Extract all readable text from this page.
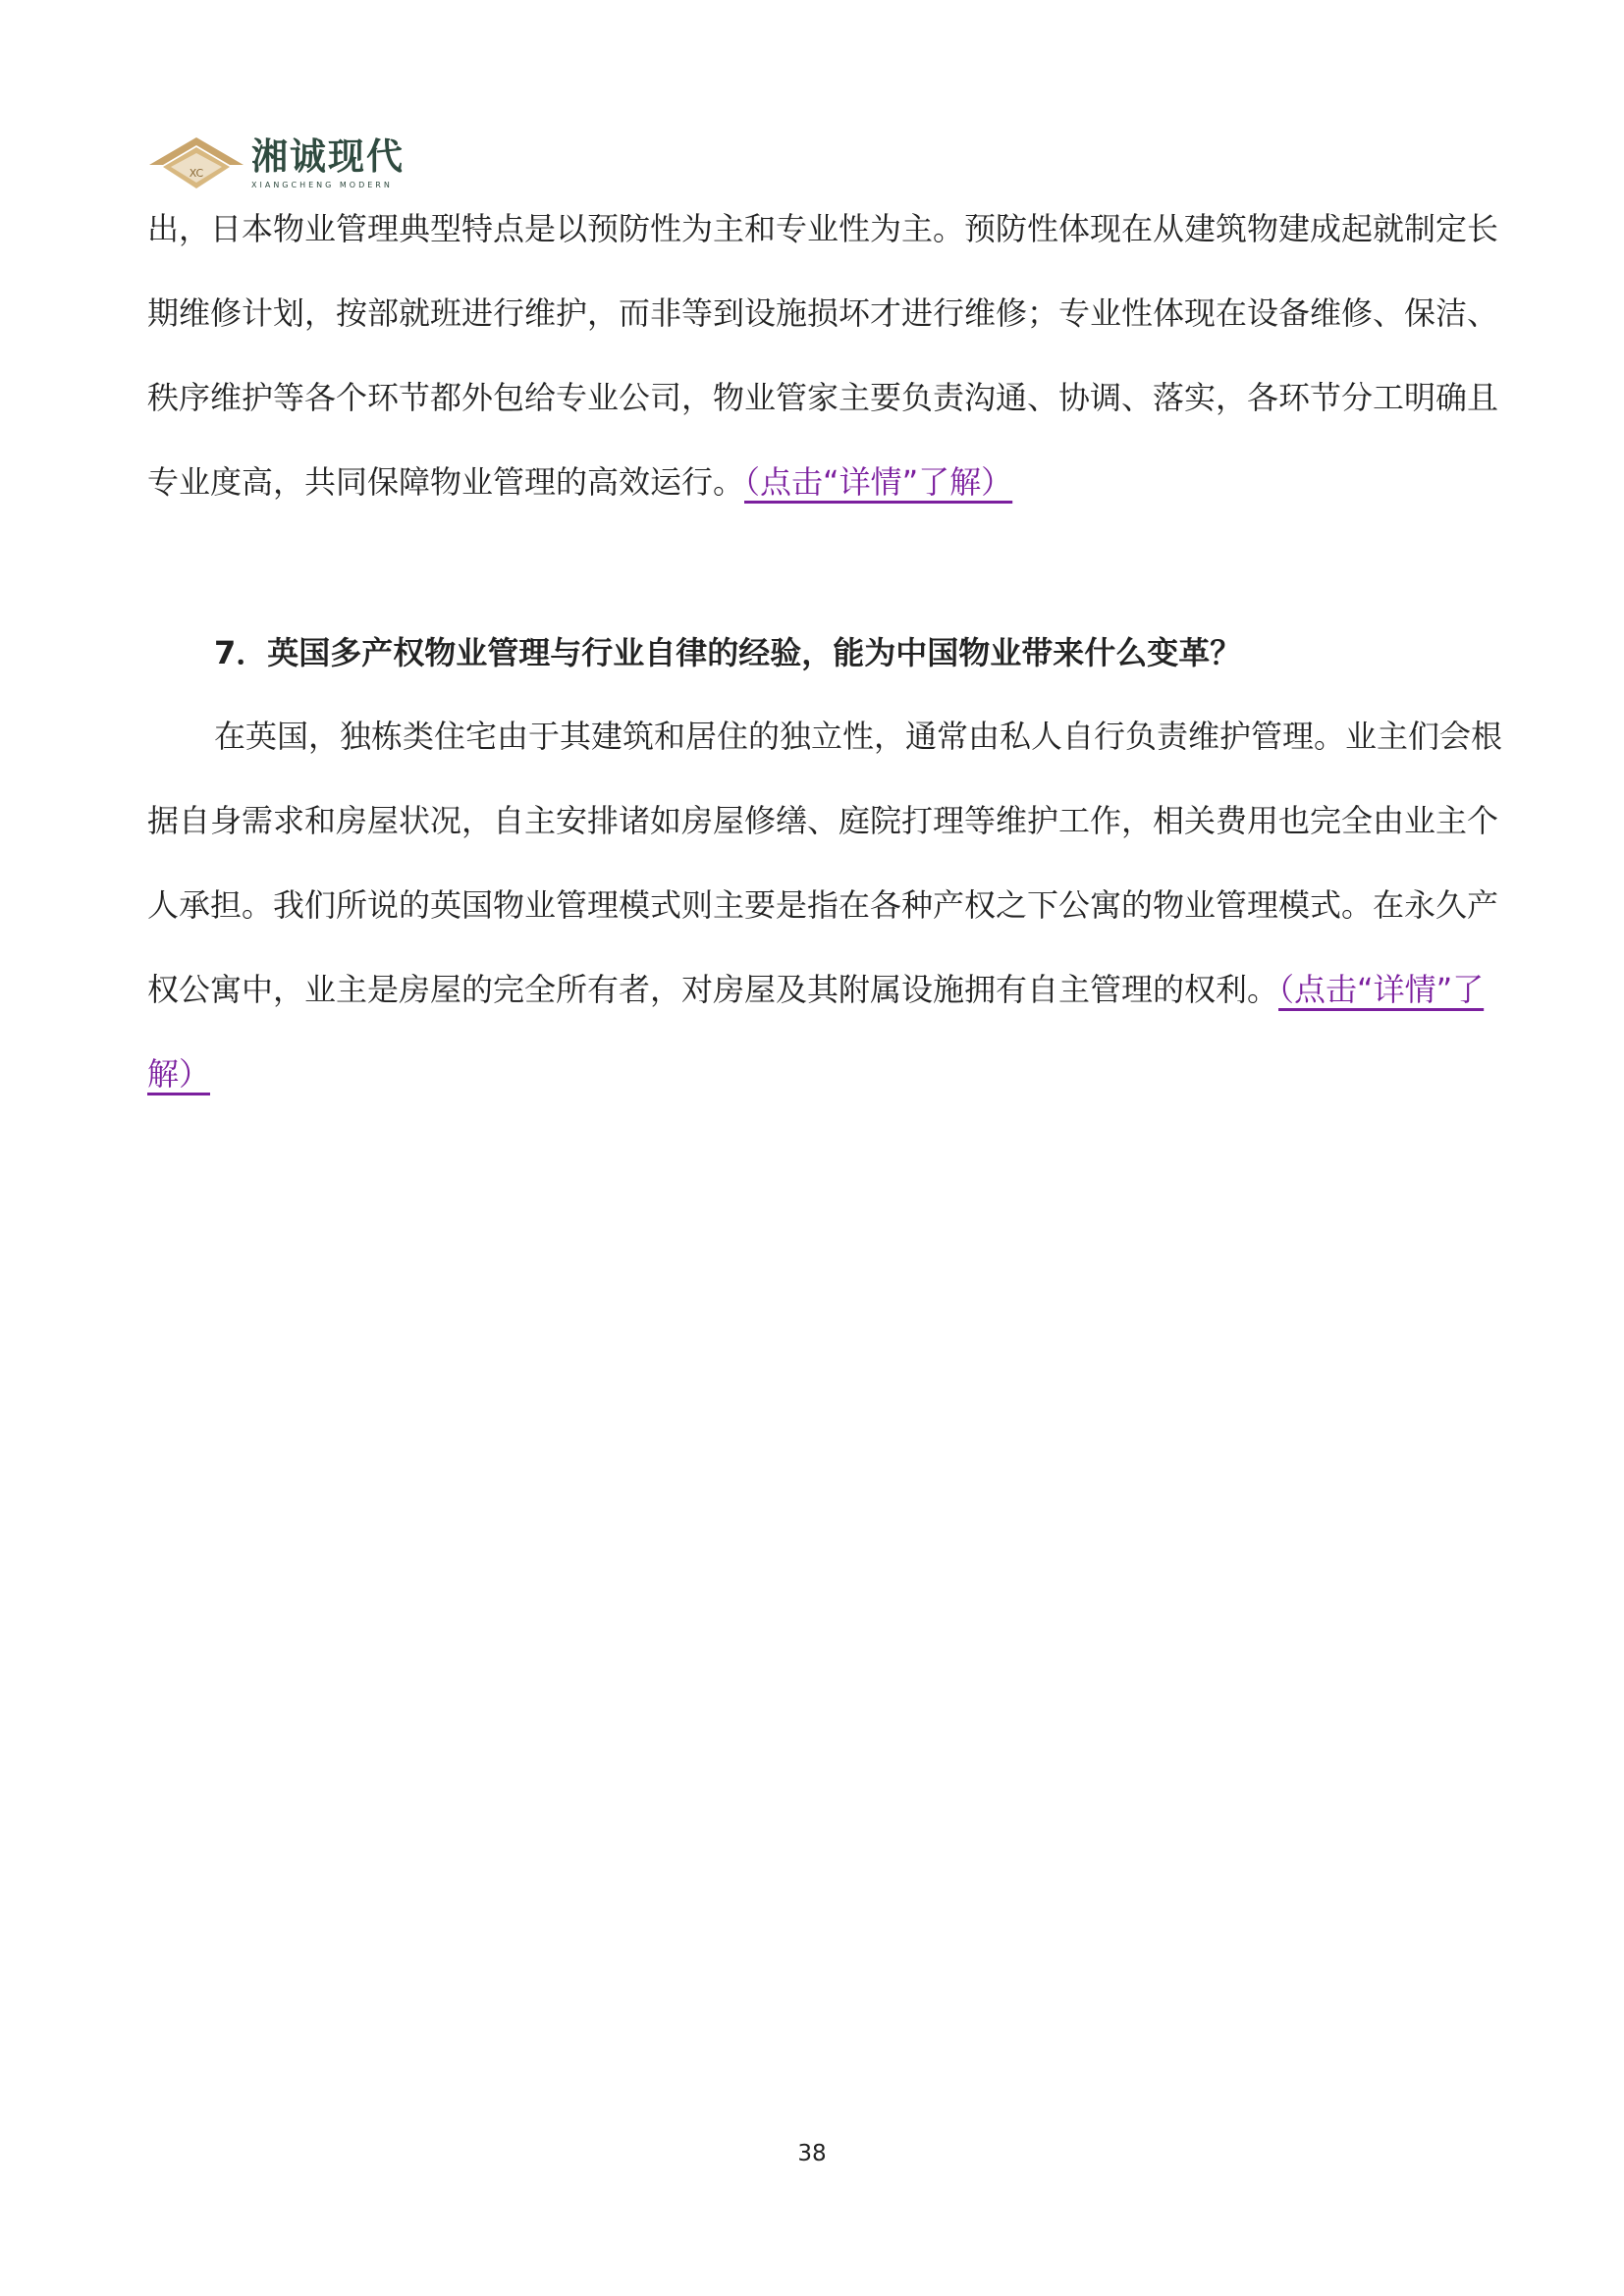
XC 湘诚现代
XIANGCHENG MODERN

出，日本物业管理典型特点是以预防性为主和专业性为主。预防性体现在从建筑物建成起就制定长期维修计划，按部就班进行维护，而非等到设施损坏才进行维修；专业性体现在设备维修、保洁、秩序维护等各个环节都外包给专业公司，物业管家主要负责沟通、协调、落实，各环节分工明确且专业度高，共同保障物业管理的高效运行。（点击“详情”了解）

7．英国多产权物业管理与行业自律的经验，能为中国物业带来什么变革？

在英国，独栋类住宅由于其建筑和居住的独立性，通常由私人自行负责维护管理。业主们会根据自身需求和房屋状况，自主安排诸如房屋修缮、庭院打理等维护工作，相关费用也完全由业主个人承担。我们所说的英国物业管理模式则主要是指在各种产权之下公寓的物业管理模式。在永久产权公寓中，业主是房屋的完全所有者，对房屋及其附属设施拥有自主管理的权利。（点击“详情”了解）

38
